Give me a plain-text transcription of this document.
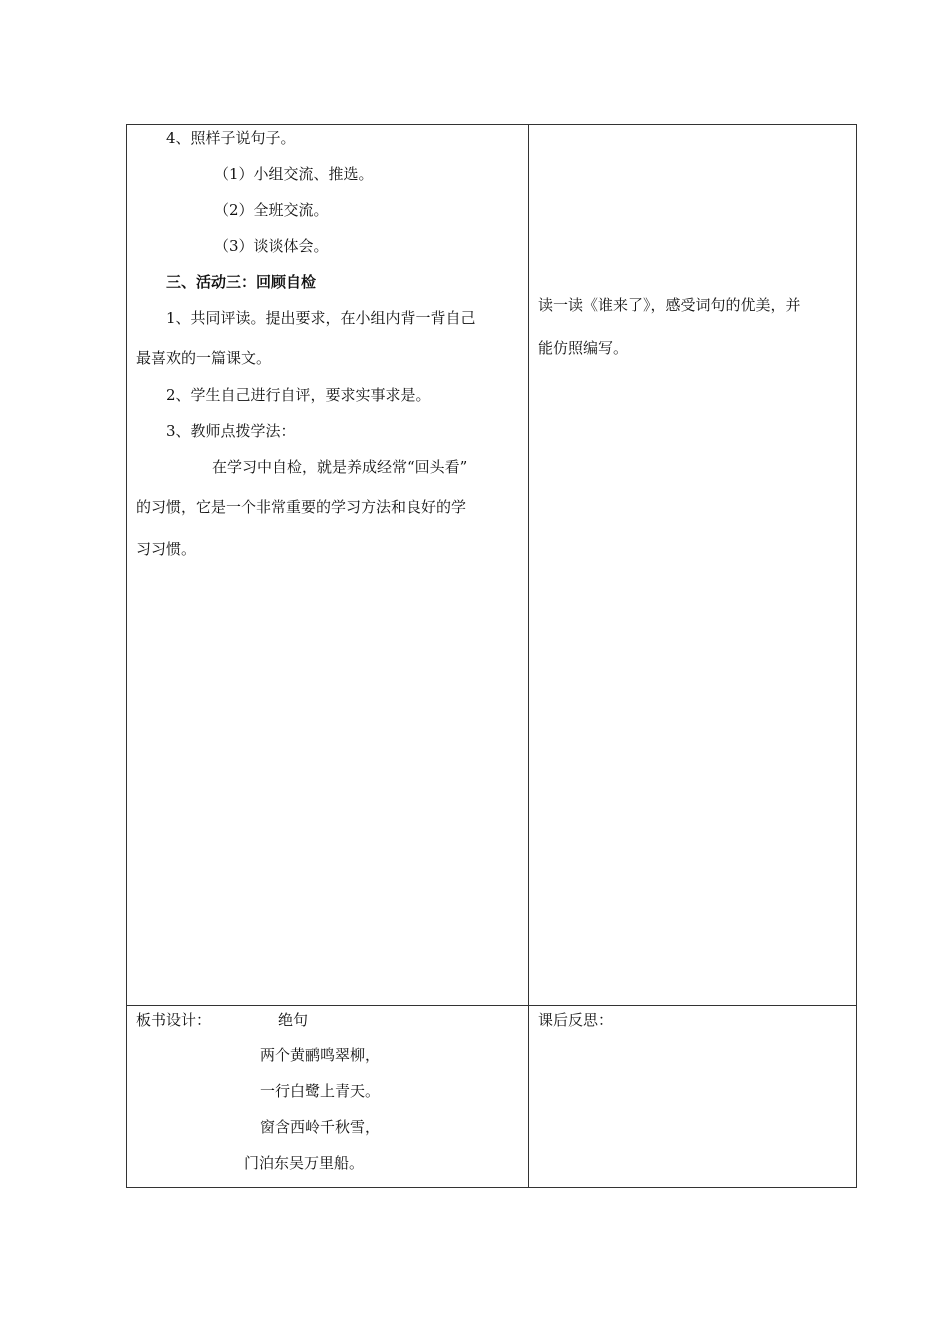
4、照样子说句子。
（1）小组交流、推选。
（2）全班交流。
（3）谈谈体会。
三、活动三：回顾自检
1、共同评读。提出要求，在小组内背一背自己
最喜欢的一篇课文。
2、学生自己进行自评，要求实事求是。
3、教师点拨学法：
在学习中自检，就是养成经常“回头看”
的习惯，它是一个非常重要的学习方法和良好的学
习习惯。
读一读《谁来了》，感受词句的优美，并
能仿照编写。
板书设计：	绝句
两个黄鹂鸣翠柳，
一行白鹭上青天。
窗含西岭千秋雪，
门泊东吴万里船。
课后反思：
